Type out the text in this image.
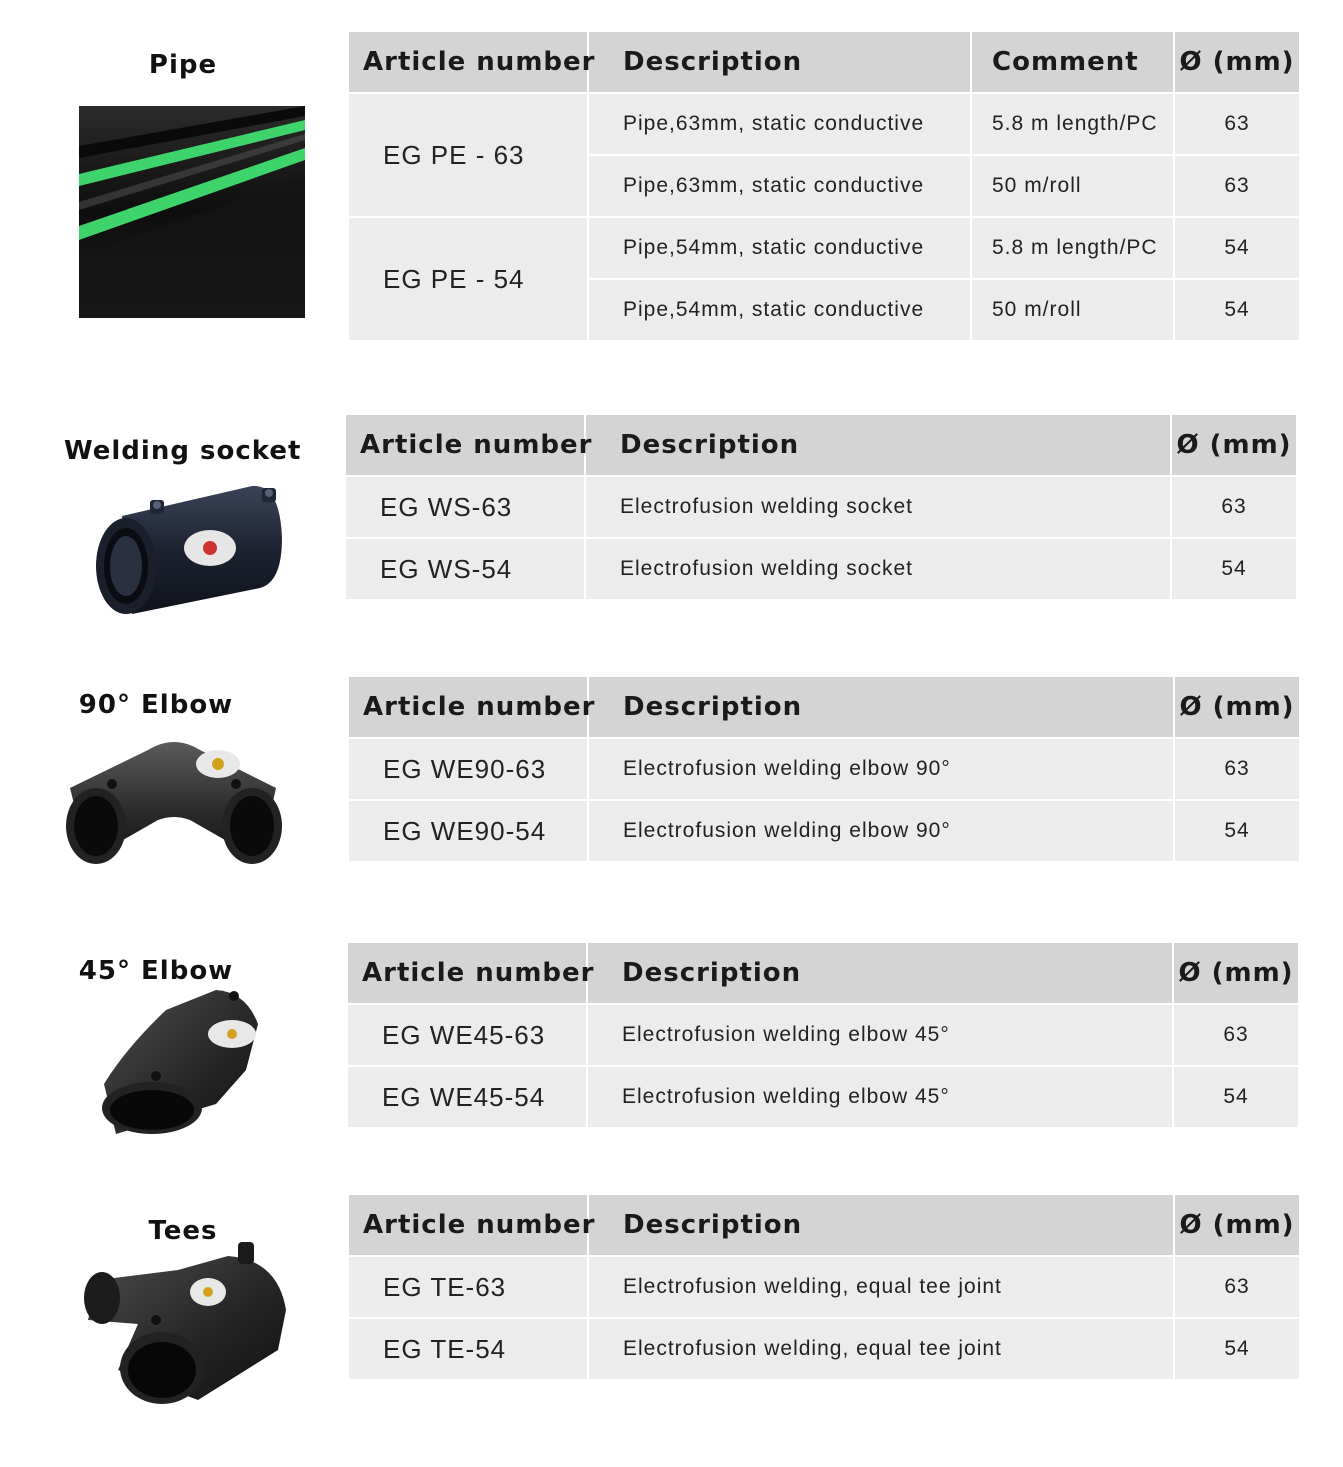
Pipe	Article number	Description	Comment	Ø (mm)
EG PE - 63	Pipe,63mm, static conductive	5.8 m length/PC	63
	Pipe,63mm, static conductive	50 m/roll	63
EG PE - 54	Pipe,54mm, static conductive	5.8 m length/PC	54
	Pipe,54mm, static conductive	50 m/roll	54
Welding socket Article number	Description	Ø (mm)
EG WS-63	Electrofusion welding socket	63
EG WS-54	Electrofusion welding socket	54
90° Elbow	Article number	Description	Ø (mm)
EG WE90-63	Electrofusion welding elbow 90°	63
EG WE90-54	Electrofusion welding elbow 90°	54
45° Elbow	Article number	Description	Ø (mm)
EG WE45-63	Electrofusion welding elbow 45°	63
EG WE45-54	Electrofusion welding elbow 45°	54
Tees	Article number	Description	Ø (mm)
EG TE-63	Electrofusion welding, equal tee joint	63
EG TE-54	Electrofusion welding, equal tee joint	54
